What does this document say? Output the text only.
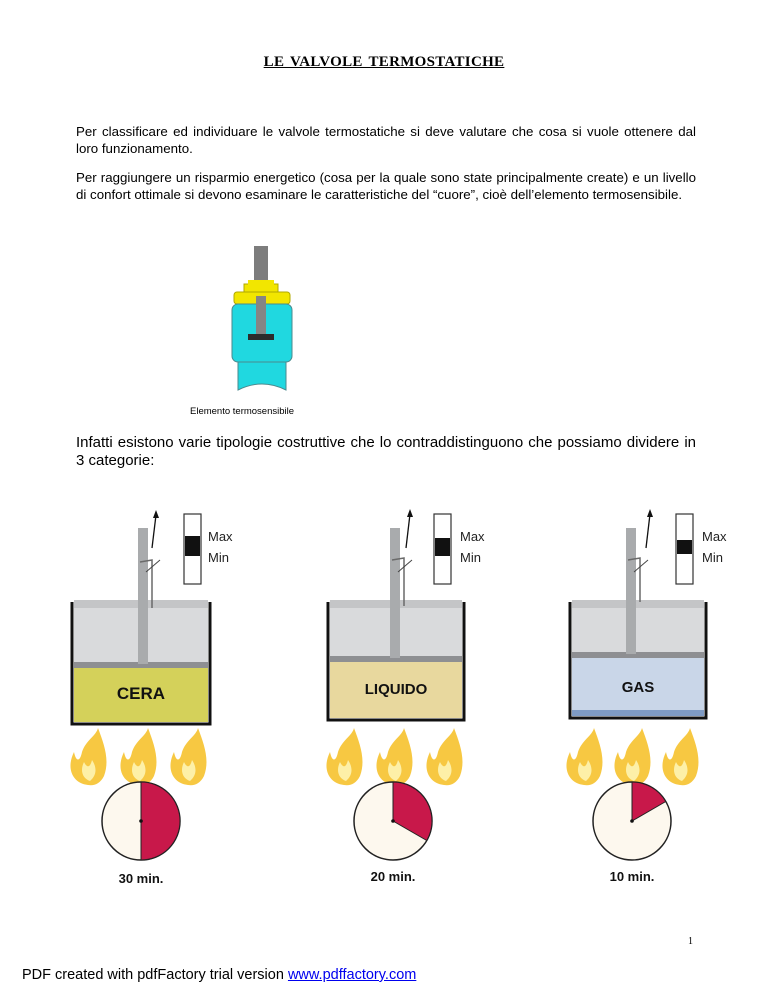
LE VALVOLE TERMOSTATICHE
Per classificare ed individuare le valvole termostatiche si deve valutare che cosa si vuole ottenere dal loro funzionamento.
Per raggiungere un risparmio energetico (cosa per la quale sono state principalmente create) e un livello di confort ottimale si devono esaminare le caratteristiche del “cuore”, cioè dell’elemento termosensibile.
Elemento termosensibile
Infatti esistono varie tipologie costruttive che lo contraddistinguono che possiamo dividere in 3 categorie:
CERA
Max
Min
30 min.
LIQUIDO
Max
Min
20 min.
GAS
Max
Min
10 min.
1
PDF created with pdfFactory trial version www.pdffactory.com
